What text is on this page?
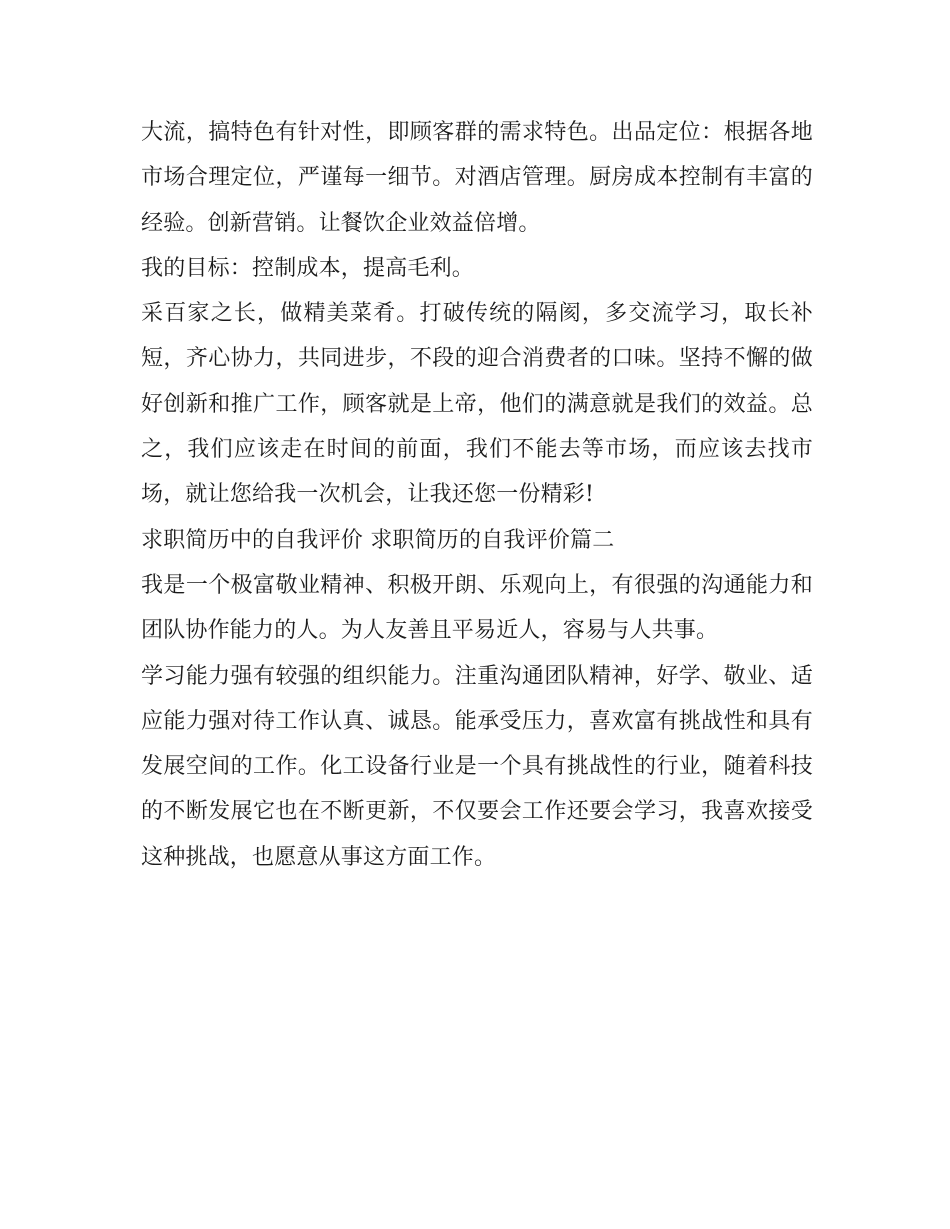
大流，搞特色有针对性，即顾客群的需求特色。出品定位：根据各地市场合理定位，严谨每一细节。对酒店管理。厨房成本控制有丰富的经验。创新营销。让餐饮企业效益倍增。

我的目标：控制成本，提高毛利。

采百家之长，做精美菜肴。打破传统的隔阂，多交流学习，取长补短，齐心协力，共同进步，不段的迎合消费者的口味。坚持不懈的做好创新和推广工作，顾客就是上帝，他们的满意就是我们的效益。总之，我们应该走在时间的前面，我们不能去等市场，而应该去找市场，就让您给我一次机会，让我还您一份精彩!

求职简历中的自我评价 求职简历的自我评价篇二

我是一个极富敬业精神、积极开朗、乐观向上，有很强的沟通能力和团队协作能力的人。为人友善且平易近人，容易与人共事。

学习能力强有较强的组织能力。注重沟通团队精神，好学、敬业、适应能力强对待工作认真、诚恳。能承受压力，喜欢富有挑战性和具有发展空间的工作。化工设备行业是一个具有挑战性的行业，随着科技的不断发展它也在不断更新，不仅要会工作还要会学习，我喜欢接受这种挑战，也愿意从事这方面工作。
